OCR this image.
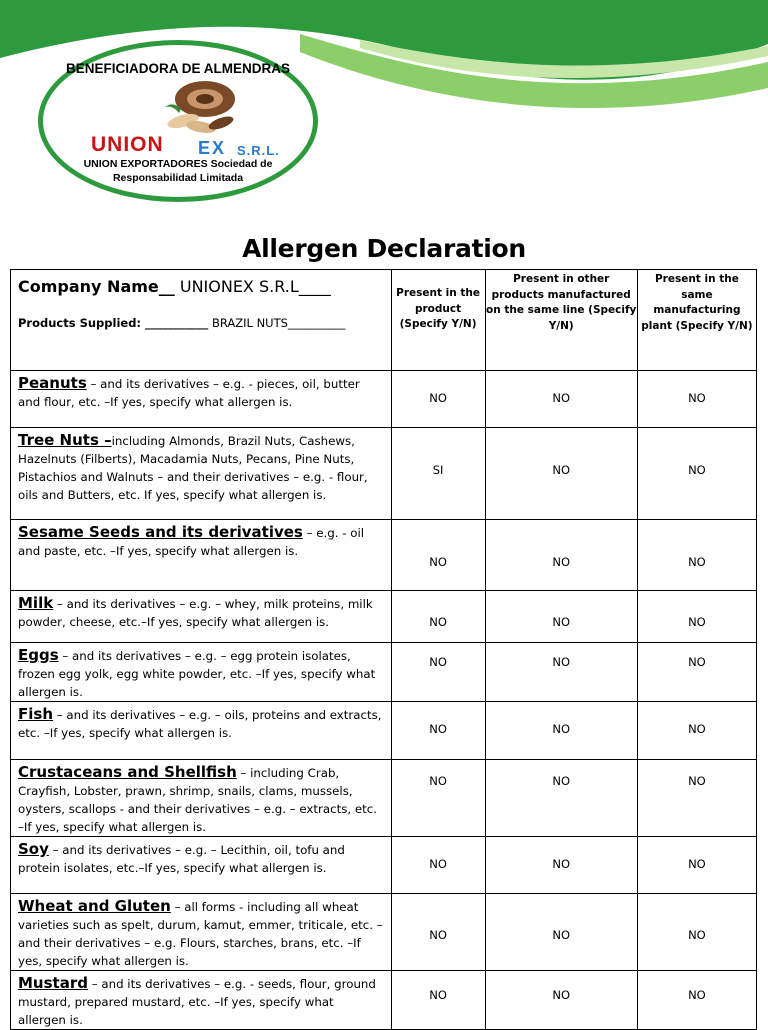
BENEFICIADORA DE ALMENDRAS
UNION EX S.R.L.
UNION EXPORTADORES Sociedad de
Responsabilidad Limitada
Allergen Declaration
Company Name__ UNIONEX S.R.L____
Products Supplied: ___________ BRAZIL NUTS__________	Present in the product (Specify Y/N)	Present in other products manufactured on the same line (Specify Y/N)	Present in the same manufacturing plant (Specify Y/N)
Peanuts – and its derivatives – e.g. - pieces, oil, butter and flour, etc. –If yes, specify what allergen is.	NO	NO	NO
Tree Nuts –including Almonds, Brazil Nuts, Cashews, Hazelnuts (Filberts), Macadamia Nuts, Pecans, Pine Nuts, Pistachios and Walnuts – and their derivatives – e.g. - flour, oils and Butters, etc. If yes, specify what allergen is.	SI	NO	NO
Sesame Seeds and its derivatives – e.g. - oil and paste, etc. –If yes, specify what allergen is.	NO	NO	NO
Milk – and its derivatives – e.g. – whey, milk proteins, milk powder, cheese, etc.–If yes, specify what allergen is.	NO	NO	NO
Eggs – and its derivatives – e.g. – egg protein isolates, frozen egg yolk, egg white powder, etc. –If yes, specify what allergen is.	NO	NO	NO
Fish – and its derivatives – e.g. – oils, proteins and extracts, etc. –If yes, specify what allergen is.	NO	NO	NO
Crustaceans and Shellfish – including Crab, Crayfish, Lobster, prawn, shrimp, snails, clams, mussels, oysters, scallops - and their derivatives – e.g. – extracts, etc. –If yes, specify what allergen is.	NO	NO	NO
Soy – and its derivatives – e.g. – Lecithin, oil, tofu and protein isolates, etc.–If yes, specify what allergen is.	NO	NO	NO
Wheat and Gluten – all forms - including all wheat varieties such as spelt, durum, kamut, emmer, triticale, etc. – and their derivatives – e.g. Flours, starches, brans, etc. –If yes, specify what allergen is.	NO	NO	NO
Mustard – and its derivatives – e.g. - seeds, flour, ground mustard, prepared mustard, etc. –If yes, specify what allergen is.	NO	NO	NO
